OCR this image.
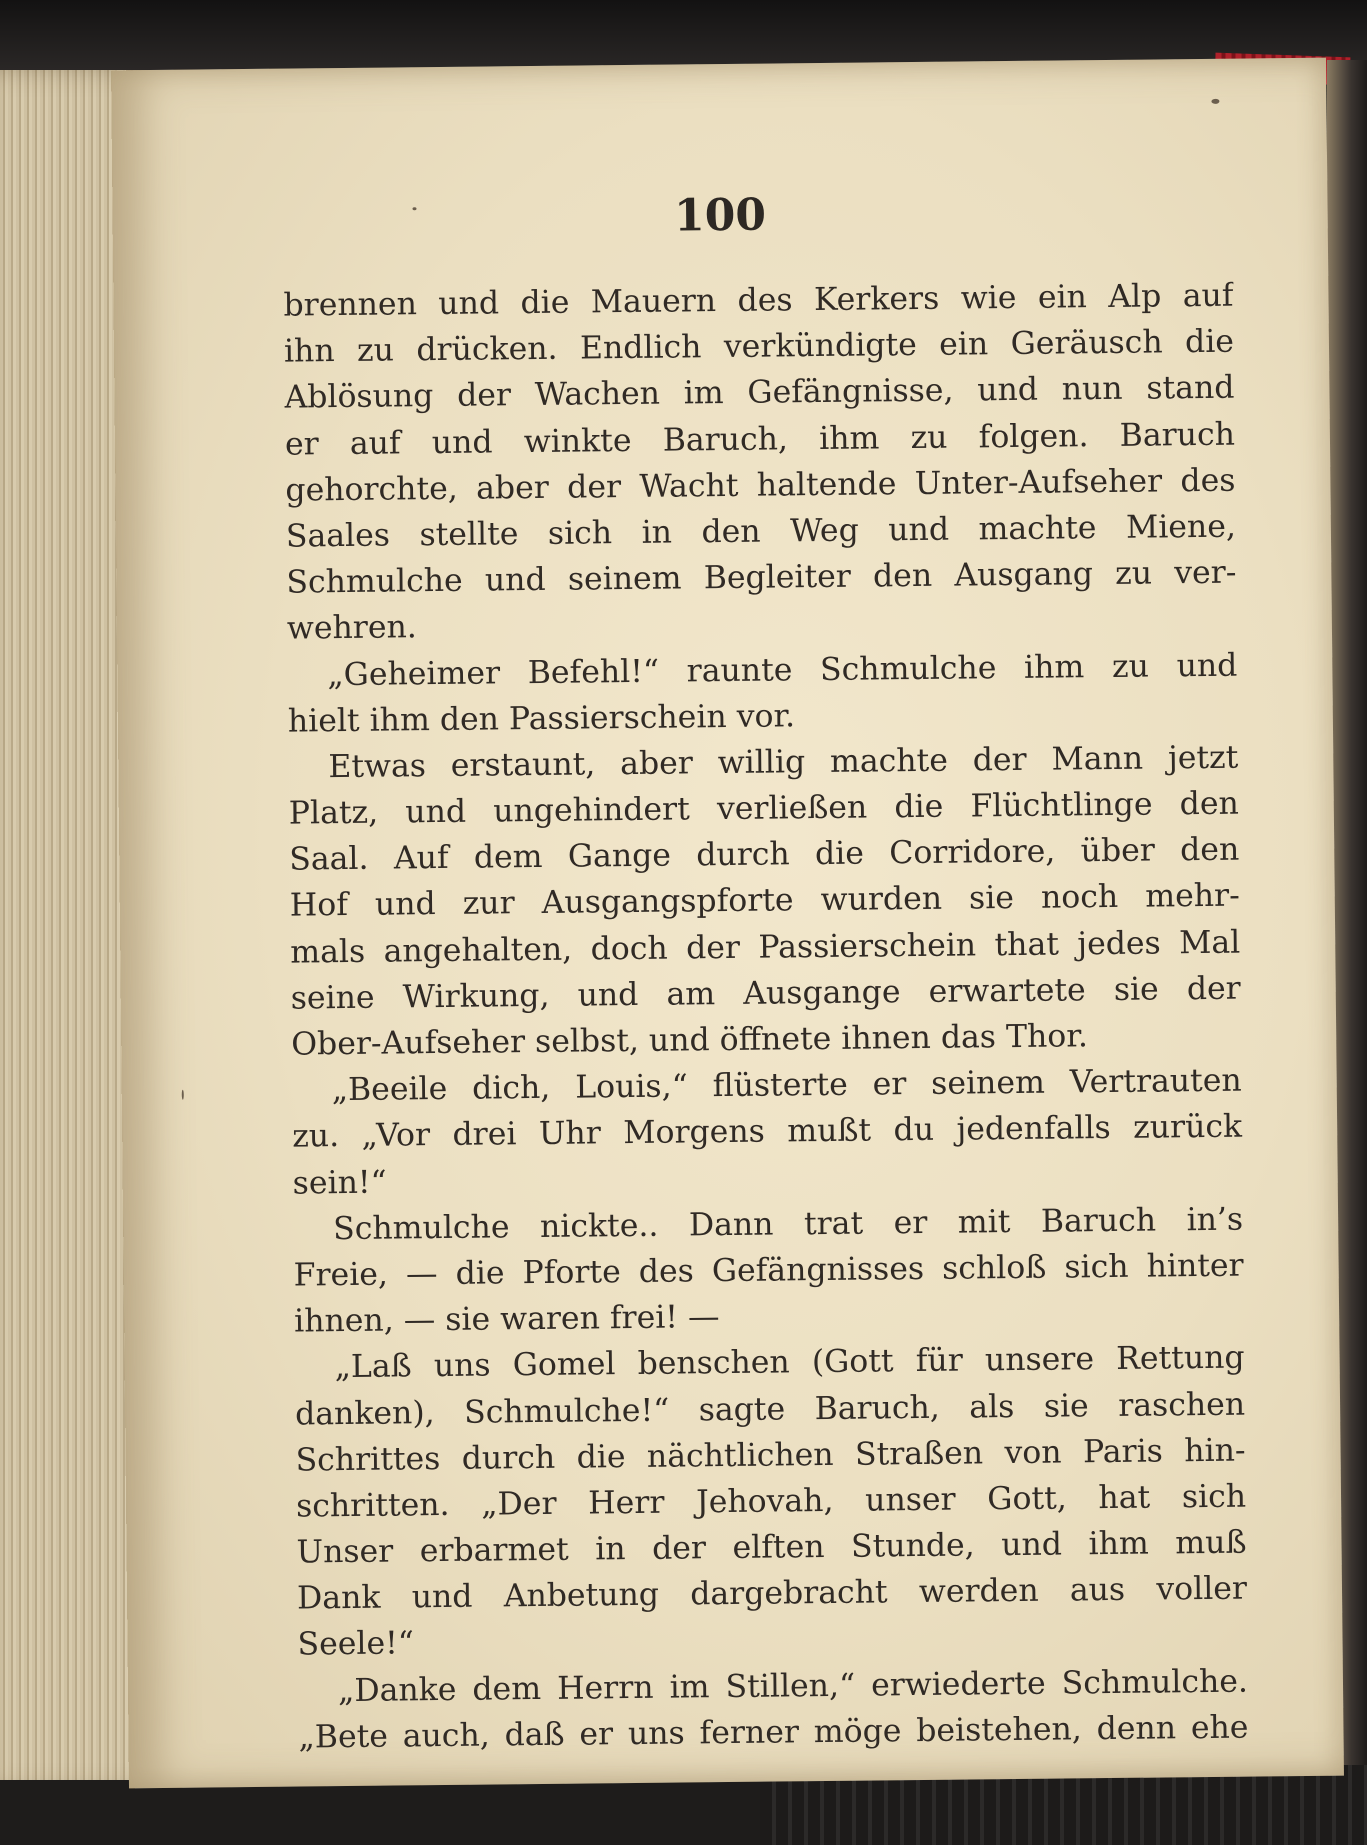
100
brennen und die Mauern des Kerkers wie ein Alp auf
ihn zu drücken. Endlich verkündigte ein Geräusch die
Ablösung der Wachen im Gefängnisse, und nun stand
er auf und winkte Baruch, ihm zu folgen. Baruch
gehorchte, aber der Wacht haltende Unter-Aufseher des
Saales stellte sich in den Weg und machte Miene,
Schmulche und seinem Begleiter den Ausgang zu ver-
wehren.
„Geheimer Befehl!“ raunte Schmulche ihm zu und
hielt ihm den Passierschein vor.
Etwas erstaunt, aber willig machte der Mann jetzt
Platz, und ungehindert verließen die Flüchtlinge den
Saal. Auf dem Gange durch die Corridore, über den
Hof und zur Ausgangspforte wurden sie noch mehr-
mals angehalten, doch der Passierschein that jedes Mal
seine Wirkung, und am Ausgange erwartete sie der
Ober-Aufseher selbst, und öffnete ihnen das Thor.
„Beeile dich, Louis,“ flüsterte er seinem Vertrauten
zu. „Vor drei Uhr Morgens mußt du jedenfalls zurück
sein!“
Schmulche nickte.. Dann trat er mit Baruch in’s
Freie, — die Pforte des Gefängnisses schloß sich hinter
ihnen, — sie waren frei! —
„Laß uns Gomel benschen (Gott für unsere Rettung
danken), Schmulche!“ sagte Baruch, als sie raschen
Schrittes durch die nächtlichen Straßen von Paris hin-
schritten. „Der Herr Jehovah, unser Gott, hat sich
Unser erbarmet in der elften Stunde, und ihm muß
Dank und Anbetung dargebracht werden aus voller
Seele!“
„Danke dem Herrn im Stillen,“ erwiederte Schmulche.
„Bete auch, daß er uns ferner möge beistehen, denn ehe
